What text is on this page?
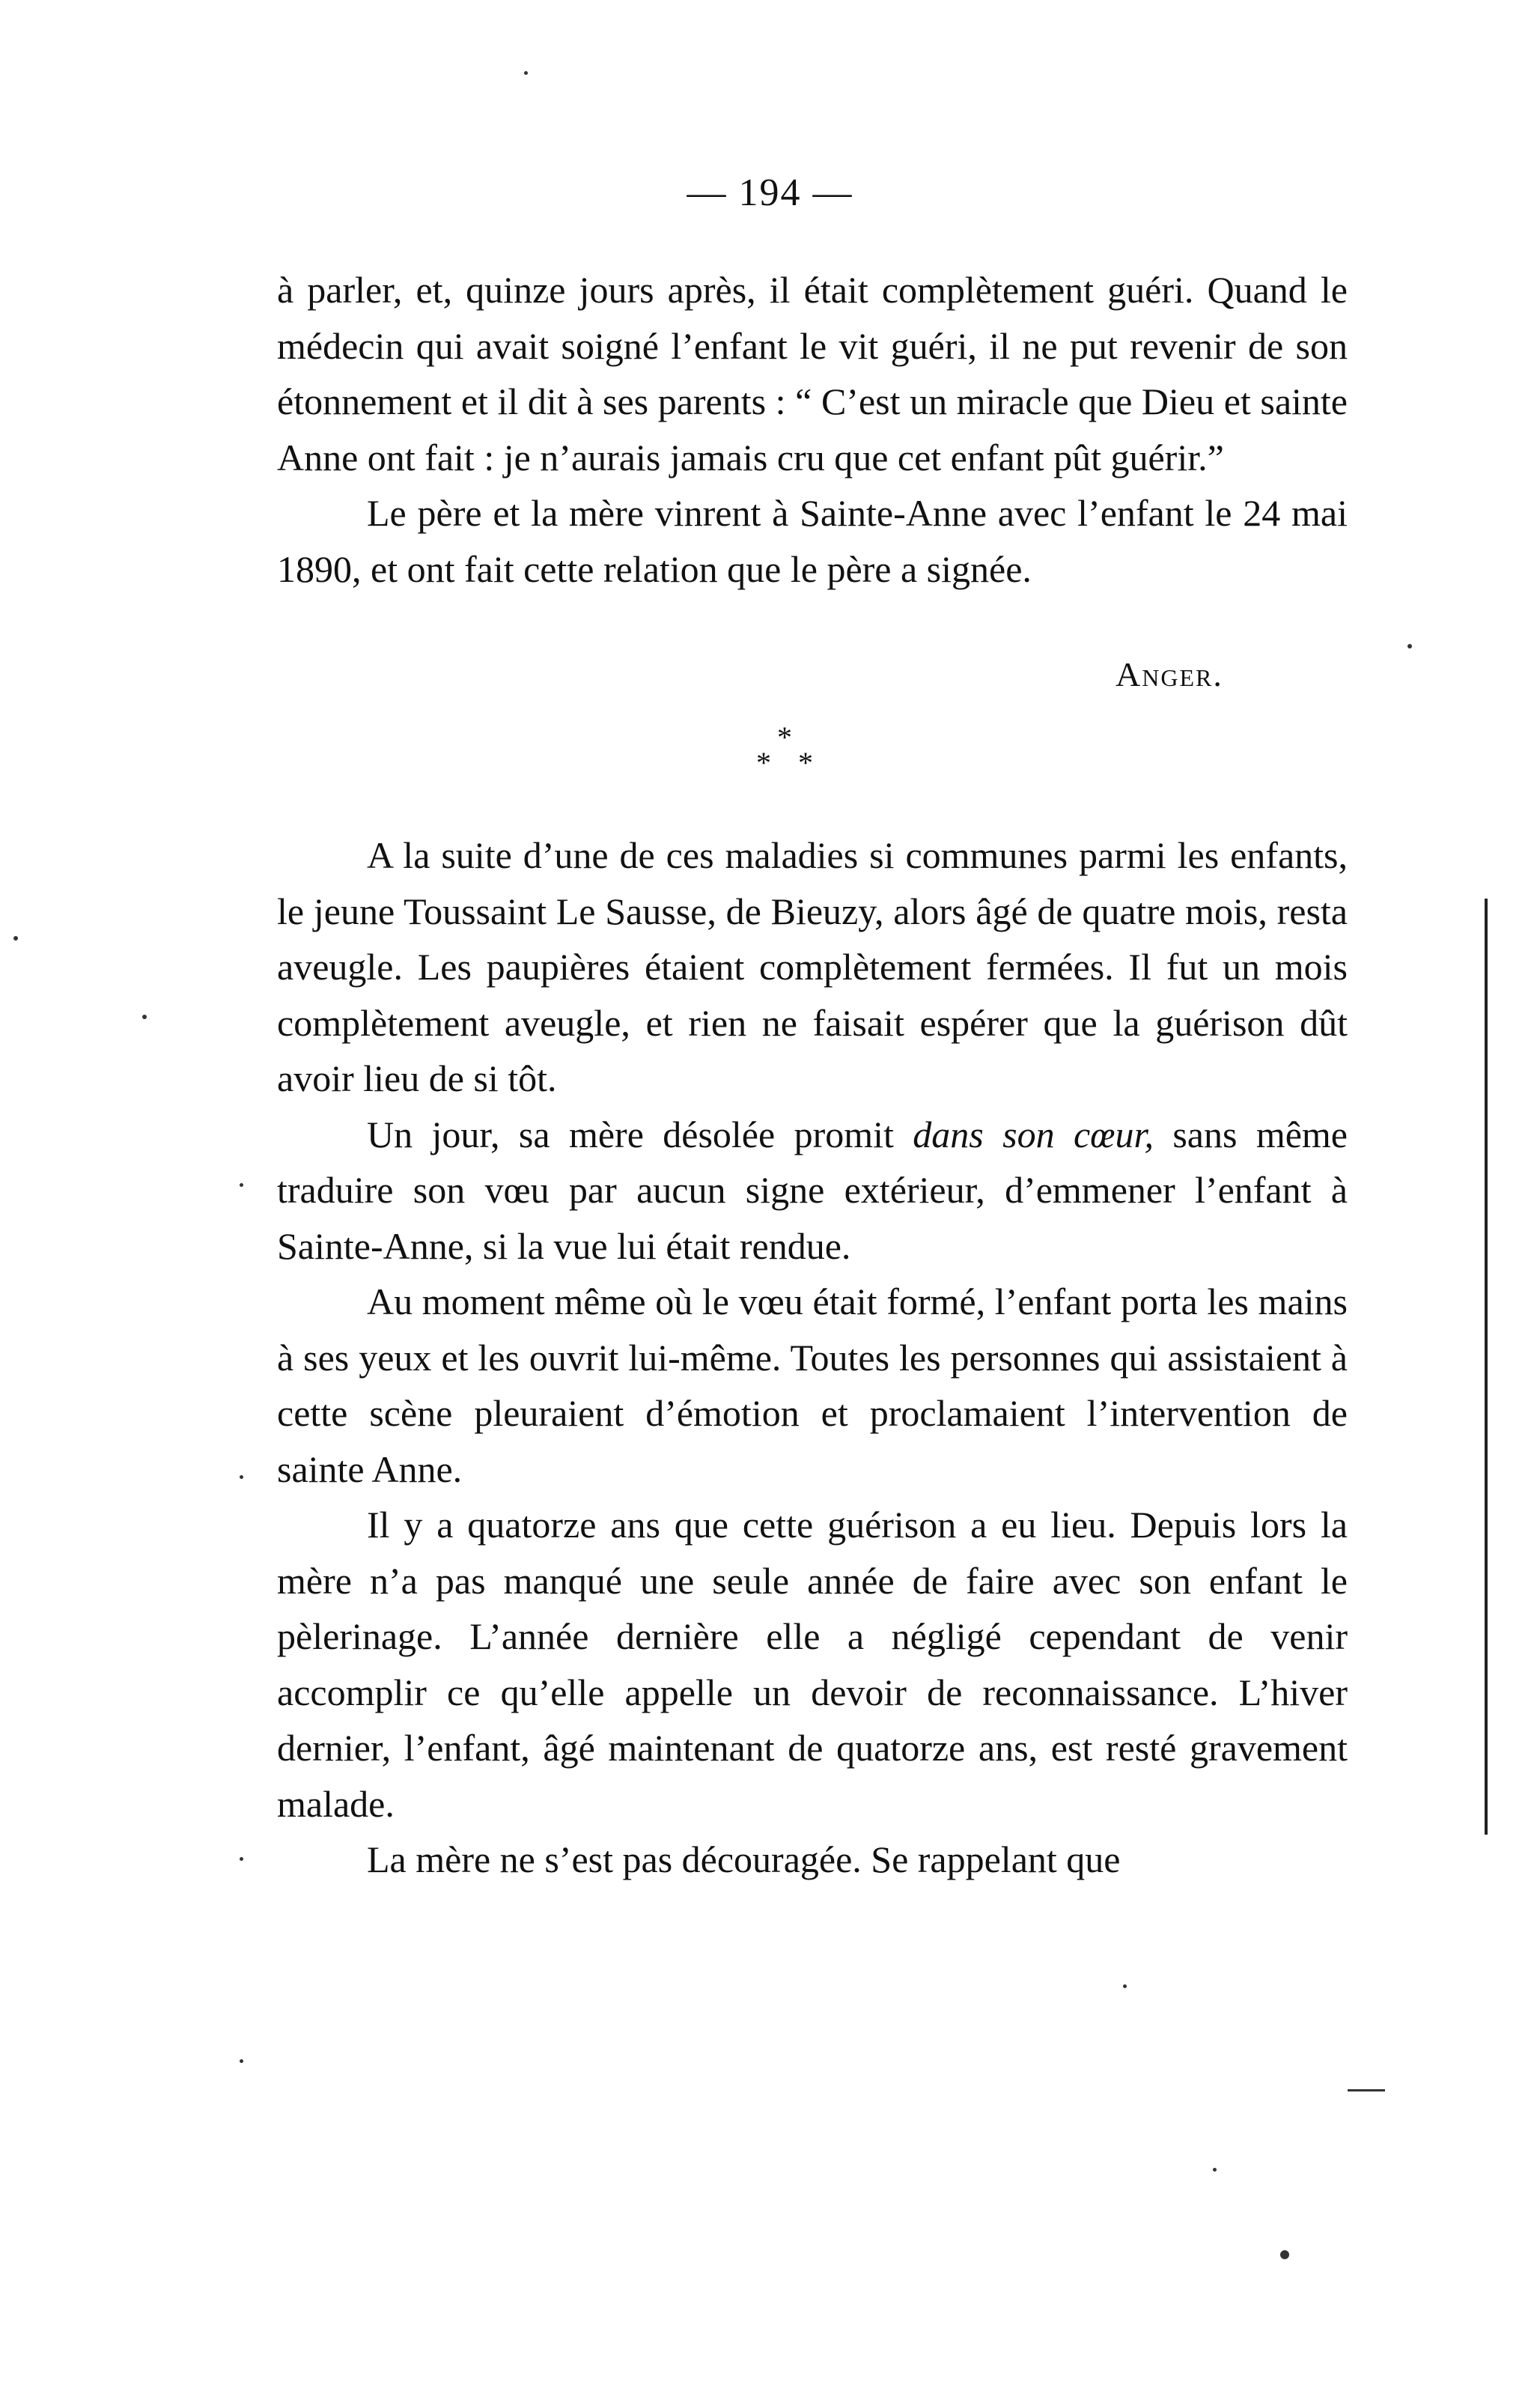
— 194 —

à parler, et, quinze jours après, il était complètement guéri. Quand le médecin qui avait soigné l’enfant le vit guéri, il ne put revenir de son étonnement et il dit à ses parents : “ C’est un miracle que Dieu et sainte Anne ont fait : je n’aurais jamais cru que cet enfant pût guérir.”

Le père et la mère vinrent à Sainte-Anne avec l’enfant le 24 mai 1890, et ont fait cette relation que le père a signée.

Anger.
*
* *

A la suite d’une de ces maladies si communes parmi les enfants, le jeune Toussaint Le Sausse, de Bieuzy, alors âgé de quatre mois, resta aveugle. Les paupières étaient complètement fermées. Il fut un mois complètement aveugle, et rien ne faisait espérer que la guérison dût avoir lieu de si tôt.

Un jour, sa mère désolée promit dans son cœur, sans même traduire son vœu par aucun signe extérieur, d’emmener l’enfant à Sainte-Anne, si la vue lui était rendue.

Au moment même où le vœu était formé, l’enfant porta les mains à ses yeux et les ouvrit lui-même. Toutes les personnes qui assistaient à cette scène pleuraient d’émotion et proclamaient l’intervention de sainte Anne.

Il y a quatorze ans que cette guérison a eu lieu. Depuis lors la mère n’a pas manqué une seule année de faire avec son enfant le pèlerinage. L’année dernière elle a négligé cependant de venir accomplir ce qu’elle appelle un devoir de reconnaissance. L’hiver dernier, l’enfant, âgé maintenant de quatorze ans, est resté gravement malade.

La mère ne s’est pas découragée. Se rappelant que
